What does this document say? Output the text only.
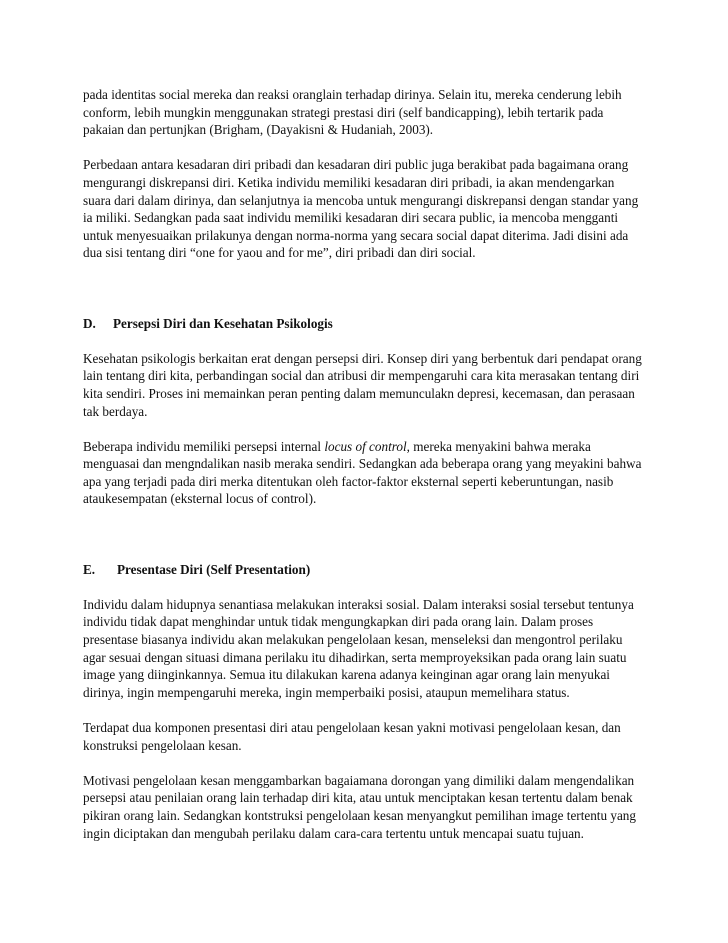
pada identitas social mereka dan reaksi oranglain terhadap dirinya. Selain itu, mereka cenderung lebih conform, lebih mungkin menggunakan strategi prestasi diri (self bandicapping), lebih tertarik pada pakaian dan pertunjkan (Brigham, (Dayakisni & Hudaniah, 2003).

Perbedaan antara kesadaran diri pribadi dan kesadaran diri public juga berakibat pada bagaimana orang mengurangi diskrepansi diri. Ketika individu memiliki kesadaran diri pribadi, ia akan mendengarkan suara dari dalam dirinya, dan selanjutnya ia mencoba untuk mengurangi diskrepansi dengan standar yang ia miliki. Sedangkan pada saat individu memiliki kesadaran diri secara public, ia mencoba mengganti untuk menyesuaikan prilakunya dengan norma-norma yang secara social dapat diterima. Jadi disini ada dua sisi tentang diri “one for yaou and for me”, diri pribadi dan diri social.

D. Persepsi Diri dan Kesehatan Psikologis

Kesehatan psikologis berkaitan erat dengan persepsi diri. Konsep diri yang berbentuk dari pendapat orang lain tentang diri kita, perbandingan social dan atribusi dir mempengaruhi cara kita merasakan tentang diri kita sendiri. Proses ini memainkan peran penting dalam memunculakn depresi, kecemasan, dan perasaan tak berdaya.

Beberapa individu memiliki persepsi internal locus of control, mereka menyakini bahwa meraka menguasai dan mengndalikan nasib meraka sendiri. Sedangkan ada beberapa orang yang meyakini bahwa apa yang terjadi pada diri merka ditentukan oleh factor-faktor eksternal seperti keberuntungan, nasib ataukesempatan (eksternal locus of control).

E. Presentase Diri (Self Presentation)

Individu dalam hidupnya senantiasa melakukan interaksi sosial. Dalam interaksi sosial tersebut tentunya individu tidak dapat menghindar untuk tidak mengungkapkan diri pada orang lain. Dalam proses presentase biasanya individu akan melakukan pengelolaan kesan, menseleksi dan mengontrol perilaku agar sesuai dengan situasi dimana perilaku itu dihadirkan, serta memproyeksikan pada orang lain suatu image yang diinginkannya. Semua itu dilakukan karena adanya keinginan agar orang lain menyukai dirinya, ingin mempengaruhi mereka, ingin memperbaiki posisi, ataupun memelihara status.

Terdapat dua komponen presentasi diri atau pengelolaan kesan yakni motivasi pengelolaan kesan, dan konstruksi pengelolaan kesan.

Motivasi pengelolaan kesan menggambarkan bagaiamana dorongan yang dimiliki dalam mengendalikan persepsi atau penilaian orang lain terhadap diri kita, atau untuk menciptakan kesan tertentu dalam benak pikiran orang lain. Sedangkan kontstruksi pengelolaan kesan menyangkut pemilihan image tertentu yang ingin diciptakan dan mengubah perilaku dalam cara-cara tertentu untuk mencapai suatu tujuan.
